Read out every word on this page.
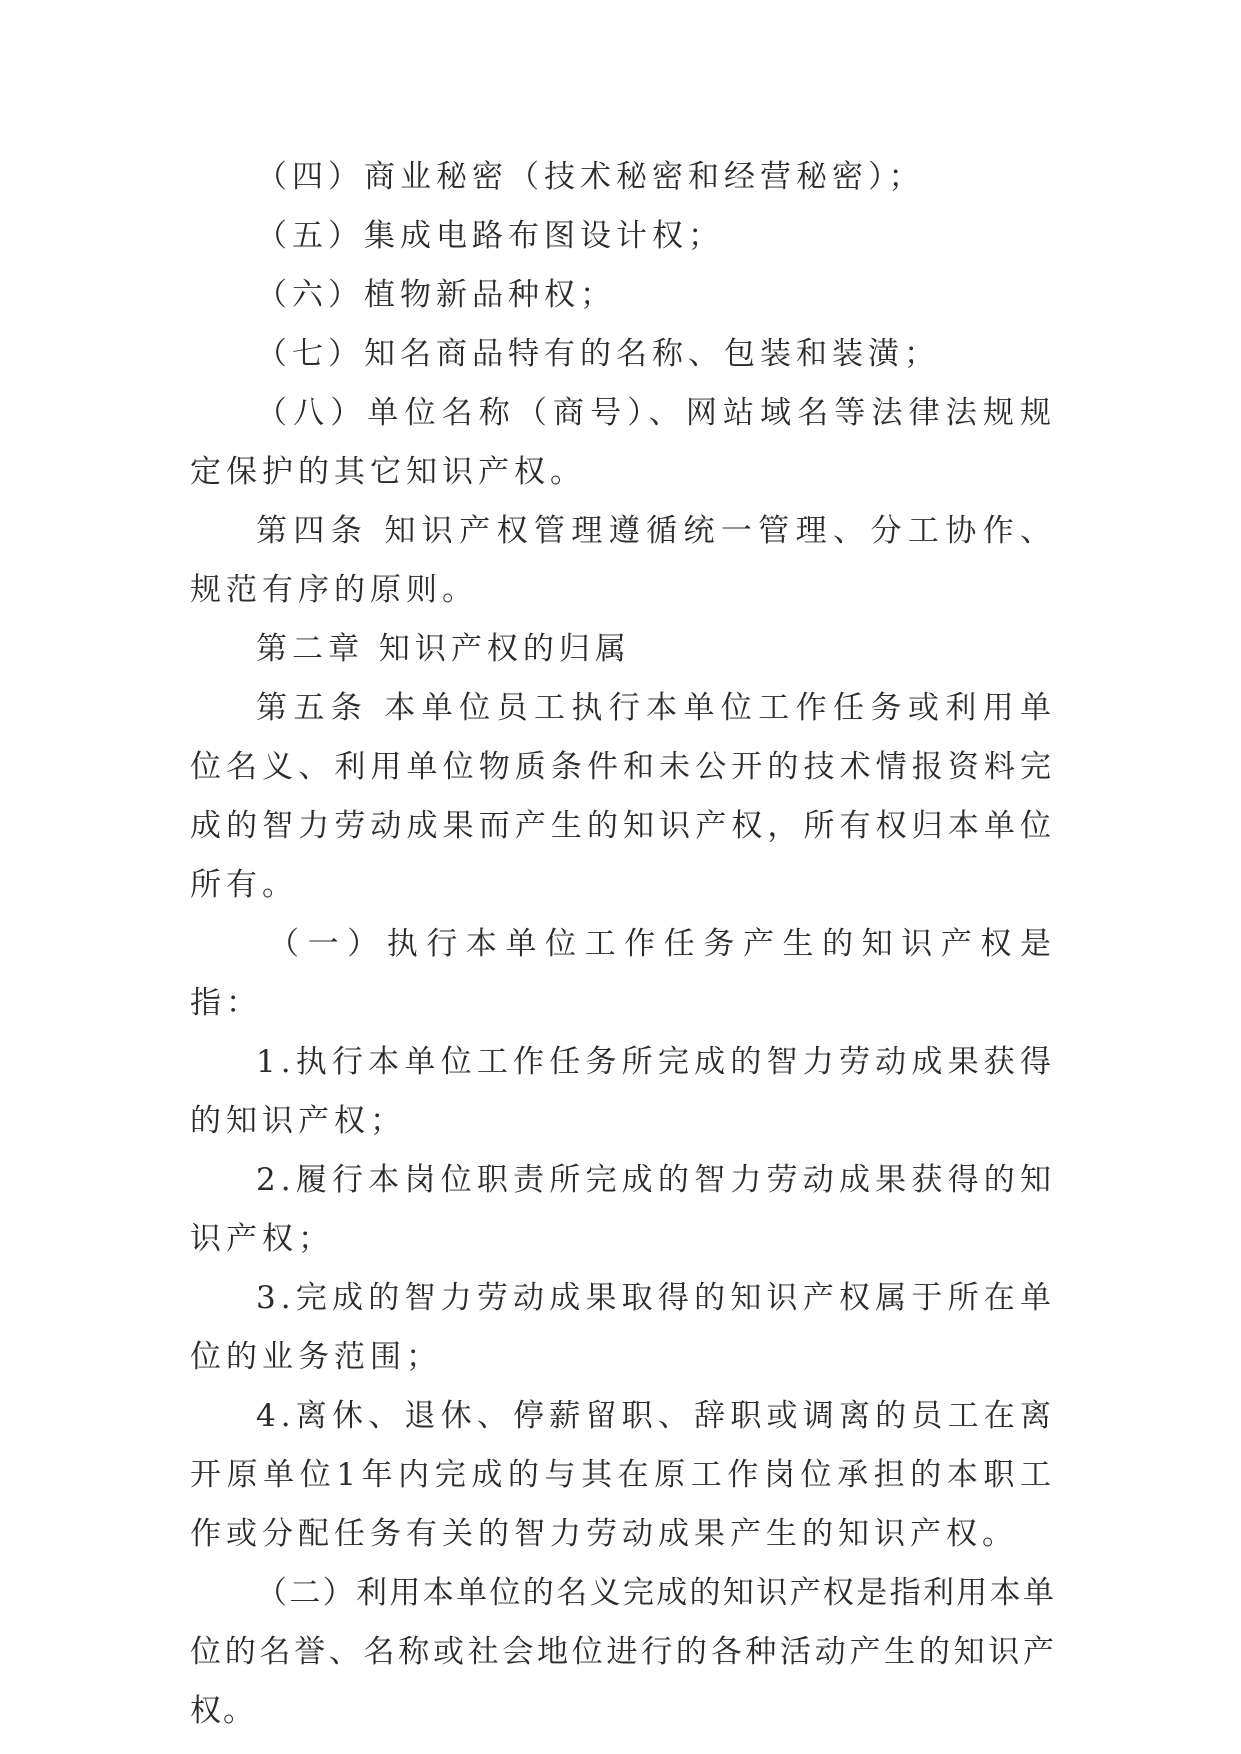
（四）商业秘密（技术秘密和经营秘密）；

（五）集成电路布图设计权；

（六）植物新品种权；

（七）知名商品特有的名称、包装和装潢；

（八）单位名称（商号）、网站域名等法律法规规定保护的其它知识产权。

第四条 知识产权管理遵循统一管理、分工协作、规范有序的原则。

第二章 知识产权的归属

第五条 本单位员工执行本单位工作任务或利用单位名义、利用单位物质条件和未公开的技术情报资料完成的智力劳动成果而产生的知识产权，所有权归本单位所有。

（一）执行本单位工作任务产生的知识产权是指：

1.执行本单位工作任务所完成的智力劳动成果获得的知识产权；

2.履行本岗位职责所完成的智力劳动成果获得的知识产权；

3.完成的智力劳动成果取得的知识产权属于所在单位的业务范围；

4.离休、退休、停薪留职、辞职或调离的员工在离开原单位1年内完成的与其在原工作岗位承担的本职工作或分配任务有关的智力劳动成果产生的知识产权。

（二）利用本单位的名义完成的知识产权是指利用本单位的名誉、名称或社会地位进行的各种活动产生的知识产权。
